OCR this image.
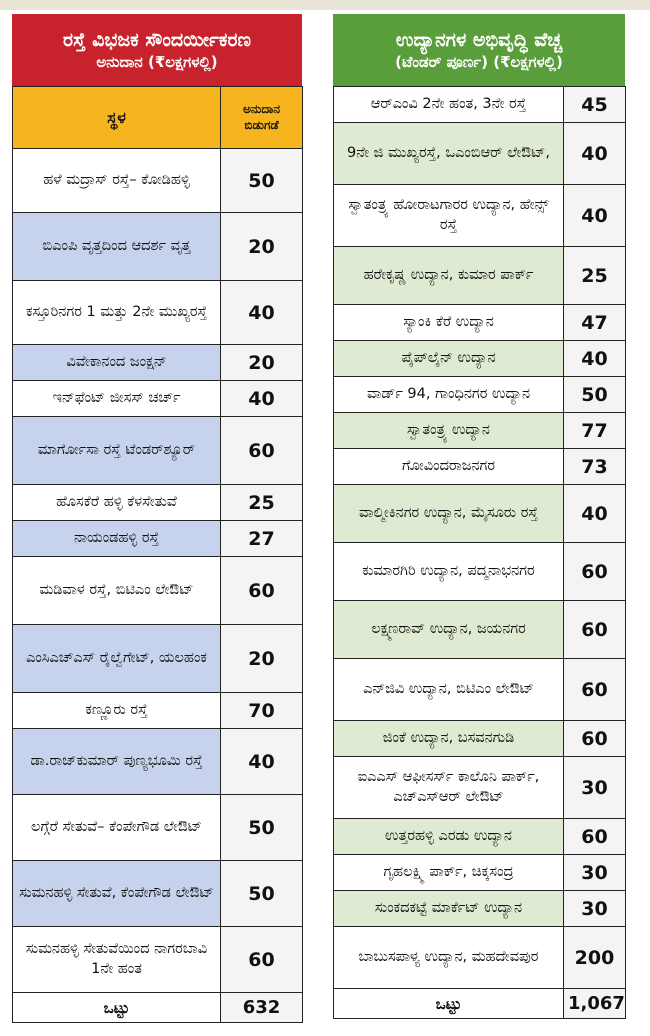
ರಸ್ತೆ ವಿಭಜಕ ಸೌಂದರ್ಯೀಕರಣ
ಅನುದಾನ (₹ಲಕ್ಷಗಳಲ್ಲಿ)
ಸ್ಥಳ	ಅನುದಾನ
ಬಿಡುಗಡೆ

ಹಳೆ ಮದ್ರಾಸ್ ರಸ್ತೆ– ಕೋಡಿಹಳ್ಳಿ	50
ಬಿಎಂಪಿ ವೃತ್ತದಿಂದ ಆದರ್ಶ ವೃತ್ತ	20
ಕಸ್ತೂರಿನಗರ 1 ಮತ್ತು 2ನೇ ಮುಖ್ಯರಸ್ತೆ	40
ವಿವೇಕಾನಂದ ಜಂಕ್ಷನ್	20
ಇನ್‌ಫೆಂಟ್ ಜೀಸಸ್ ಚರ್ಚ್	40
ಮಾರ್ಗೋಸಾ ರಸ್ತೆ ಟೆಂಡರ್‌ಶ್ಯೂರ್	60
ಹೊಸಕೆರೆ ಹಳ್ಳಿ ಕೆಳಸೇತುವೆ	25
ನಾಯಂಡಹಳ್ಳಿ ರಸ್ತೆ	27
ಮಡಿವಾಳ ರಸ್ತೆ, ಬಿಟಿಎಂ ಲೇಔಟ್	60
ಎಂಸಿಎಚ್‌ಎಸ್ ರೈಲ್ವೆಗೇಟ್, ಯಲಹಂಕ	20
ಕಣ್ಣೂರು ರಸ್ತೆ	70
ಡಾ.ರಾಜ್‌ಕುಮಾರ್ ಪುಣ್ಯಭೂಮಿ ರಸ್ತೆ	40
ಲಗ್ಗೆರೆ ಸೇತುವೆ– ಕೆಂಪೇಗೌಡ ಲೇಔಟ್	50
ಸುಮನಹಳ್ಳಿ ಸೇತುವೆ, ಕೆಂಪೇಗೌಡ ಲೇಔಟ್	50
ಸುಮನಹಳ್ಳಿ ಸೇತುವೆಯಿಂದ ನಾಗರಬಾವಿ 1ನೇ ಹಂತ	60
ಒಟ್ಟು	632
ಉದ್ಯಾನಗಳ ಅಭಿವೃದ್ಧಿ ವೆಚ್ಚ
(ಟೆಂಡರ್ ಪೂರ್ಣ) (₹ಲಕ್ಷಗಳಲ್ಲಿ)
ಆರ್‌ಎಂವಿ 2ನೇ ಹಂತ, 3ನೇ ರಸ್ತೆ	45
9ನೇ ಜಿ ಮುಖ್ಯರಸ್ತೆ, ಒಎಂಬಿಆರ್ ಲೇಔಟ್,	40
ಸ್ವಾತಂತ್ರ್ಯ ಹೋರಾಟಗಾರರ ಉದ್ಯಾನ, ಹೇನ್ಸ್ ರಸ್ತೆ	40
ಹರೇಕೃಷ್ಣ ಉದ್ಯಾನ, ಕುಮಾರ ಪಾರ್ಕ್	25
ಸ್ಯಾಂಕಿ ಕೆರೆ ಉದ್ಯಾನ	47
ಪೈಪ್‌ಲೈನ್ ಉದ್ಯಾನ	40
ವಾರ್ಡ್ 94, ಗಾಂಧಿನಗರ ಉದ್ಯಾನ	50
ಸ್ವಾತಂತ್ರ್ಯ ಉದ್ಯಾನ	77
ಗೋವಿಂದರಾಜನಗರ	73
ವಾಲ್ಮೀಕಿನಗರ ಉದ್ಯಾನ, ಮೈಸೂರು ರಸ್ತೆ	40
ಕುಮಾರಗಿರಿ ಉದ್ಯಾನ, ಪದ್ಮನಾಭನಗರ	60
ಲಕ್ಷ್ಮಣರಾವ್ ಉದ್ಯಾನ, ಜಯನಗರ	60
ಎನ್‌ಜಿವಿ ಉದ್ಯಾನ, ಬಿಟಿಎಂ ಲೇಔಟ್	60
ಜಿಂಕೆ ಉದ್ಯಾನ, ಬಸವನಗುಡಿ	60
ಐಎಎಸ್ ಆಫೀಸರ್ಸ್ ಕಾಲೊನಿ ಪಾರ್ಕ್, ಎಚ್‌ಎಸ್‌ಆರ್ ಲೇಔಟ್	30
ಉತ್ತರಹಳ್ಳಿ ಎರಡು ಉದ್ಯಾನ	60
ಗೃಹಲಕ್ಷ್ಮಿ ಪಾರ್ಕ್, ಚಿಕ್ಕಸಂದ್ರ	30
ಸುಂಕದಕಟ್ಟೆ ಮಾರ್ಕೆಟ್ ಉದ್ಯಾನ	30
ಬಾಬುಸಪಾಳ್ಯ ಉದ್ಯಾನ, ಮಹದೇವಪುರ	200
ಒಟ್ಟು	1,067
